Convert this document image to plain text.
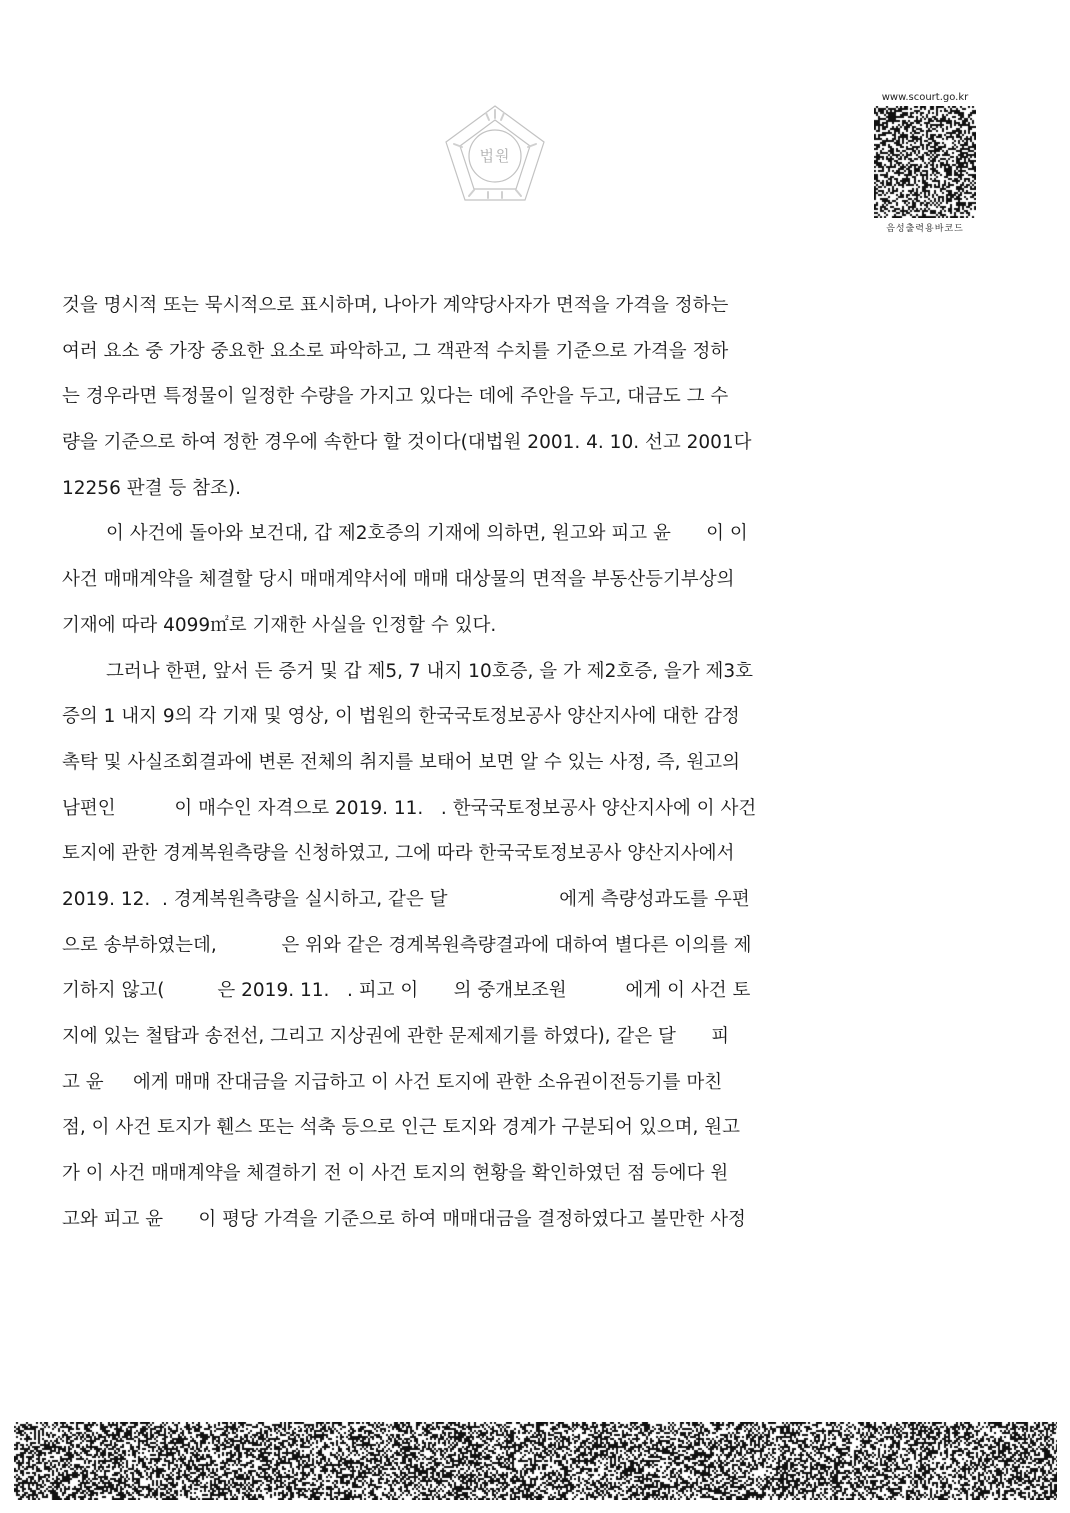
법원
www.scourt.go.kr
음성출력용바코드
것을 명시적 또는 묵시적으로 표시하며, 나아가 계약당사자가 면적을 가격을 정하는
여러 요소 중 가장 중요한 요소로 파악하고, 그 객관적 수치를 기준으로 가격을 정하
는 경우라면 특정물이 일정한 수량을 가지고 있다는 데에 주안을 두고, 대금도 그 수
량을 기준으로 하여 정한 경우에 속한다 할 것이다(대법원 2001. 4. 10. 선고 2001다
12256 판결 등 참조).
이 사건에 돌아와 보건대, 갑 제2호증의 기재에 의하면, 원고와 피고 윤      이 이
사건 매매계약을 체결할 당시 매매계약서에 매매 대상물의 면적을 부동산등기부상의
기재에 따라 4099㎡로 기재한 사실을 인정할 수 있다.
그러나 한편, 앞서 든 증거 및 갑 제5, 7 내지 10호증, 을 가 제2호증, 을가 제3호
증의 1 내지 9의 각 기재 및 영상, 이 법원의 한국국토정보공사 양산지사에 대한 감정
촉탁 및 사실조회결과에 변론 전체의 취지를 보태어 보면 알 수 있는 사정, 즉, 원고의
남편인          이 매수인 자격으로 2019. 11.   . 한국국토정보공사 양산지사에 이 사건
토지에 관한 경계복원측량을 신청하였고, 그에 따라 한국국토정보공사 양산지사에서
2019. 12.  . 경계복원측량을 실시하고, 같은 달                   에게 측량성과도를 우편
으로 송부하였는데,           은 위와 같은 경계복원측량결과에 대하여 별다른 이의를 제
기하지 않고(         은 2019. 11.   . 피고 이      의 중개보조원          에게 이 사건 토
지에 있는 철탑과 송전선, 그리고 지상권에 관한 문제제기를 하였다), 같은 달      피
고 윤     에게 매매 잔대금을 지급하고 이 사건 토지에 관한 소유권이전등기를 마친
점, 이 사건 토지가 휀스 또는 석축 등으로 인근 토지와 경계가 구분되어 있으며, 원고
가 이 사건 매매계약을 체결하기 전 이 사건 토지의 현황을 확인하였던 점 등에다 원
고와 피고 윤      이 평당 가격을 기준으로 하여 매매대금을 결정하였다고 볼만한 사정
